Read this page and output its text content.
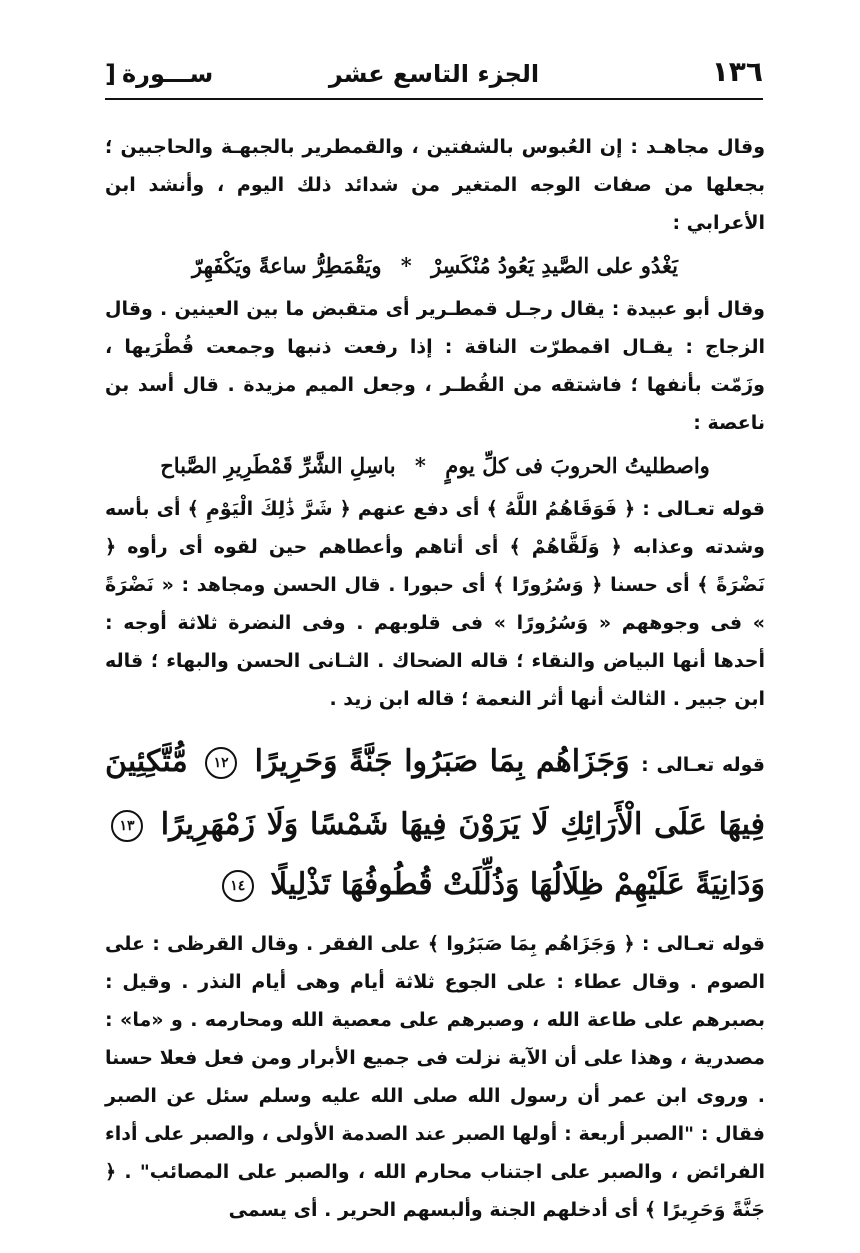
١٣٦
الجزء التاسع عشر
ســـورة[

وقال مجاهـد : إن العُبوس بالشفتين ، والقمطرير بالجبهـة والحاجبين ؛ بجعلها من صفات الوجه المتغير من شدائد ذلك اليوم ، وأنشد ابن الأعرابي :

يَغْدُو على الصَّيدِ يَعُودُ مُنْكَسِرْ * ويَقْمَطِرُّ ساعةً ويَكْفَهِرّ

وقال أبو عبيدة : يقال رجـل قمطـرير أى متقبض ما بين العينين . وقال الزجاج : يقـال اقمطرّت الناقة : إذا رفعت ذنبها وجمعت قُطْرَيها ، وزَمّت بأنفها ؛ فاشتقه من القُطـر ، وجعل الميم مزيدة . قال أسد بن ناعصة :

واصطليتُ الحروبَ فى كلِّ يومٍ * باسِلِ الشَّرِّ قَمْطَرِيرِ الصَّباح

قوله تعـالى : ﴿ فَوَقَاهُمُ اللَّهُ ﴾ أى دفع عنهم ﴿ شَرَّ ذَٰلِكَ الْيَوْمِ ﴾ أى بأسه وشدته وعذابه ﴿ وَلَقَّاهُمْ ﴾ أى أتاهم وأعطاهم حين لقوه أى رأوه ﴿ نَضْرَةً ﴾ أى حسنا ﴿ وَسُرُورًا ﴾ أى حبورا . قال الحسن ومجاهد : « نَضْرَةً » فى وجوههم « وَسُرُورًا » فى قلوبهم . وفى النضرة ثلاثة أوجه : أحدها أنها البياض والنقاء ؛ قاله الضحاك . الثـانى الحسن والبهاء ؛ قاله ابن جبير . الثالث أنها أثر النعمة ؛ قاله ابن زيد .

قوله تعـالى : وَجَزَاهُم بِمَا صَبَرُوا جَنَّةً وَحَرِيرًا ١٢ مُّتَّكِئِينَ فِيهَا عَلَى الْأَرَائِكِ لَا يَرَوْنَ فِيهَا شَمْسًا وَلَا زَمْهَرِيرًا ١٣ وَدَانِيَةً عَلَيْهِمْ ظِلَالُهَا وَذُلِّلَتْ قُطُوفُهَا تَذْلِيلًا ١٤

قوله تعـالى : ﴿ وَجَزَاهُم بِمَا صَبَرُوا ﴾ على الفقر . وقال القرظى : على الصوم . وقال عطاء : على الجوع ثلاثة أيام وهى أيام النذر . وقيل : بصبرهم على طاعة الله ، وصبرهم على معصية الله ومحارمه . و «ما» : مصدرية ، وهذا على أن الآية نزلت فى جميع الأبرار ومن فعل فعلا حسنا . وروى ابن عمر أن رسول الله صلى الله عليه وسلم سئل عن الصبر فقال : "الصبر أربعة : أولها الصبر عند الصدمة الأولى ، والصبر على أداء الفرائض ، والصبر على اجتناب محارم الله ، والصبر على المصائب" . ﴿ جَنَّةً وَحَرِيرًا ﴾ أى أدخلهم الجنة وألبسهم الحرير . أى يسمى
